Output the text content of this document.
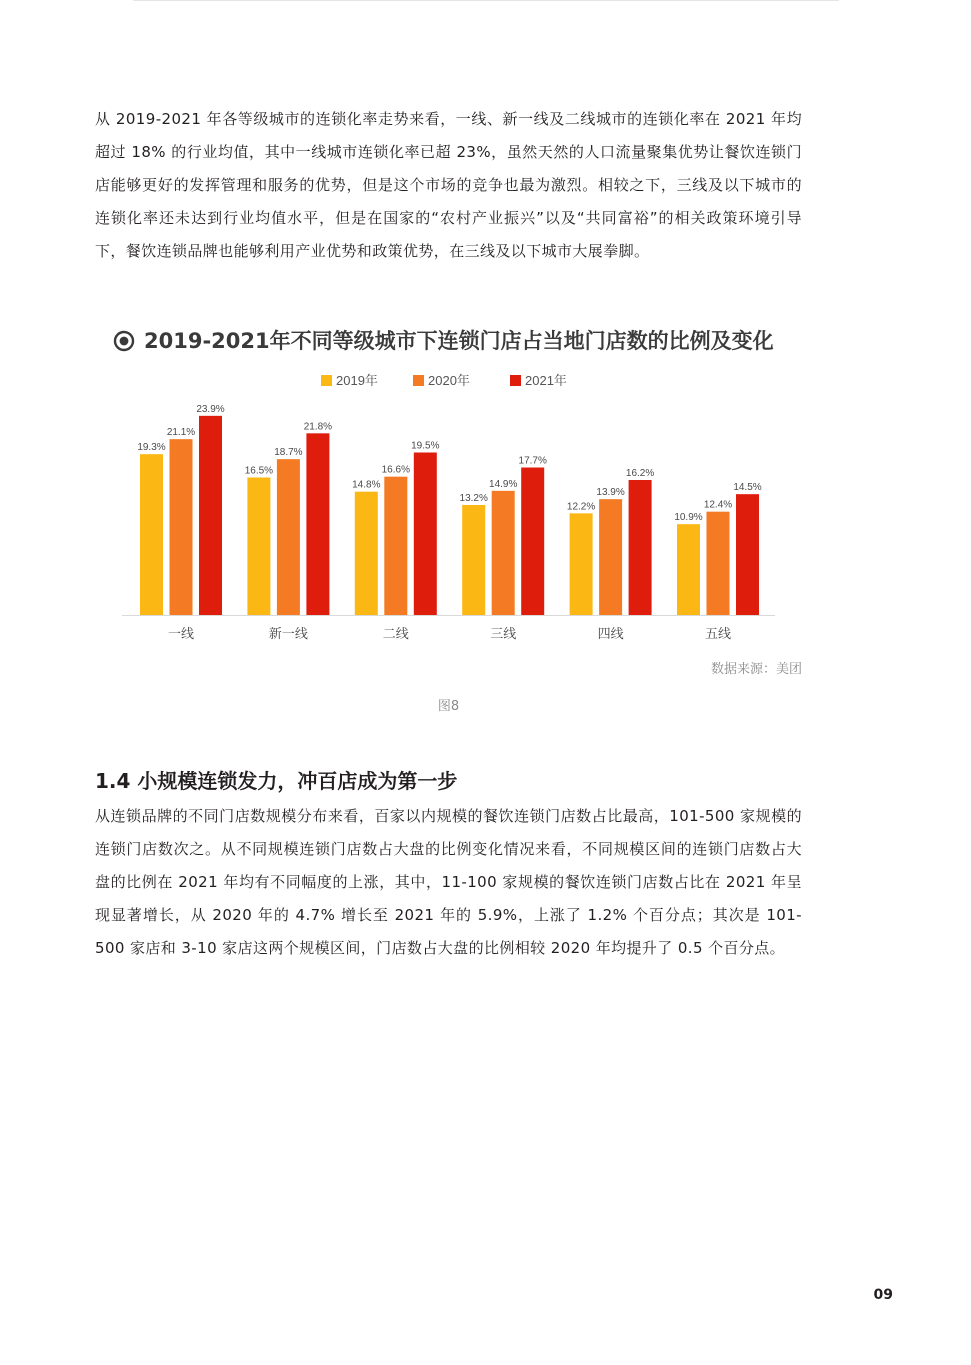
从 2019-2021 年各等级城市的连锁化率走势来看，一线、新一线及二线城市的连锁化率在 2021 年均超过 18% 的行业均值，其中一线城市连锁化率已超 23%，虽然天然的人口流量聚集优势让餐饮连锁门店能够更好的发挥管理和服务的优势，但是这个市场的竞争也最为激烈。相较之下，三线及以下城市的连锁化率还未达到行业均值水平，但是在国家的“农村产业振兴”以及“共同富裕”的相关政策环境引导下，餐饮连锁品牌也能够利用产业优势和政策优势，在三线及以下城市大展拳脚。

2019-2021年不同等级城市下连锁门店占当地门店数的比例及变化
2019年	2020年	2021年
19.3%
21.1%
23.9%
一线
16.5%
18.7%
21.8%
新一线
14.8%
16.6%
19.5%
二线
13.2%
14.9%
17.7%
三线
12.2%
13.9%
16.2%
四线
10.9%
12.4%
14.5%
五线

数据来源：美团

图8

1.4 小规模连锁发力，冲百店成为第一步

从连锁品牌的不同门店数规模分布来看，百家以内规模的餐饮连锁门店数占比最高，101-500 家规模的连锁门店数次之。从不同规模连锁门店数占大盘的比例变化情况来看，不同规模区间的连锁门店数占大盘的比例在 2021 年均有不同幅度的上涨，其中，11-100 家规模的餐饮连锁门店数占比在 2021 年呈现显著增长，从 2020 年的 4.7% 增长至 2021 年的 5.9%，上涨了 1.2% 个百分点；其次是 101-500 家店和 3-10 家店这两个规模区间，门店数占大盘的比例相较 2020 年均提升了 0.5 个百分点。

09
